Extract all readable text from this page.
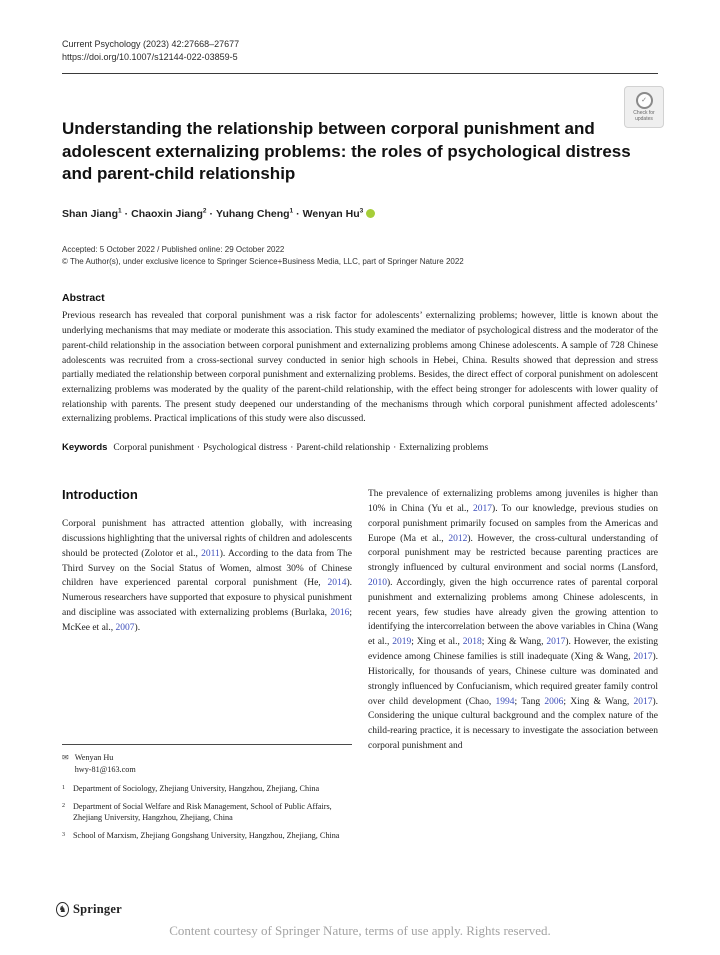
Current Psychology (2023) 42:27668–27677
https://doi.org/10.1007/s12144-022-03859-5
✓
Check for updates
Understanding the relationship between corporal punishment and adolescent externalizing problems: the roles of psychological distress and parent-child relationship
Shan Jiang$^1$ · Chaoxin Jiang$^2$ · Yuhang Cheng$^1$ · Wenyan Hu$^3$
Accepted: 5 October 2022 / Published online: 29 October 2022
© The Author(s), under exclusive licence to Springer Science+Business Media, LLC, part of Springer Nature 2022
Abstract

Previous research has revealed that corporal punishment was a risk factor for adolescents’ externalizing problems; however, little is known about the underlying mechanisms that may mediate or moderate this association. This study examined the mediator of psychological distress and the moderator of the parent-child relationship in the association between corporal punishment and externalizing problems among Chinese adolescents. A sample of 728 Chinese adolescents was recruited from a cross-sectional survey conducted in senior high schools in Hebei, China. Results showed that depression and stress partially mediated the relationship between corporal punishment and externalizing problems. Besides, the direct effect of corporal punishment on adolescent externalizing problems was moderated by the quality of the parent-child relationship, with the effect being stronger for adolescents with lower quality of relationship with parents. The present study deepened our understanding of the mechanisms through which corporal punishment affected adolescents’ externalizing problems. Practical implications of this study were also discussed.

Keywords Corporal punishment · Psychological distress · Parent-child relationship · Externalizing problems
Introduction

Corporal punishment has attracted attention globally, with increasing discussions highlighting that the universal rights of children and adolescents should be protected (Zolotor et al., 2011). According to the data from The Third Survey on the Social Status of Women, almost 30% of Chinese children have experienced parental corporal punishment (He, 2014). Numerous researchers have supported that exposure to physical punishment and discipline was associated with externalizing problems (Burlaka, 2016; McKee et al., 2007).

✉ Wenyan Hu
hwy-81@163.com
1 Department of Sociology, Zhejiang University, Hangzhou, Zhejiang, China
2 Department of Social Welfare and Risk Management, School of Public Affairs, Zhejiang University, Hangzhou, Zhejiang, China
3 School of Marxism, Zhejiang Gongshang University, Hangzhou, Zhejiang, China

The prevalence of externalizing problems among juveniles is higher than 10% in China (Yu et al., 2017). To our knowledge, previous studies on corporal punishment primarily focused on samples from the Americas and Europe (Ma et al., 2012). However, the cross-cultural understanding of corporal punishment may be restricted because parenting practices are strongly influenced by cultural environment and social norms (Lansford, 2010). Accordingly, given the high occurrence rates of parental corporal punishment and externalizing problems among Chinese adolescents, in recent years, few studies have already given the growing attention to identifying the intercorrelation between the above variables in China (Wang et al., 2019; Xing et al., 2018; Xing & Wang, 2017). However, the existing evidence among Chinese families is still inadequate (Xing & Wang, 2017). Historically, for thousands of years, Chinese culture was dominated and strongly influenced by Confucianism, which required greater family control over child development (Chao, 1994; Tang 2006; Xing & Wang, 2017). Considering the unique cultural background and the complex nature of the child-rearing practice, it is necessary to investigate the association between corporal punishment and

♞ Springer
Content courtesy of Springer Nature, terms of use apply. Rights reserved.
